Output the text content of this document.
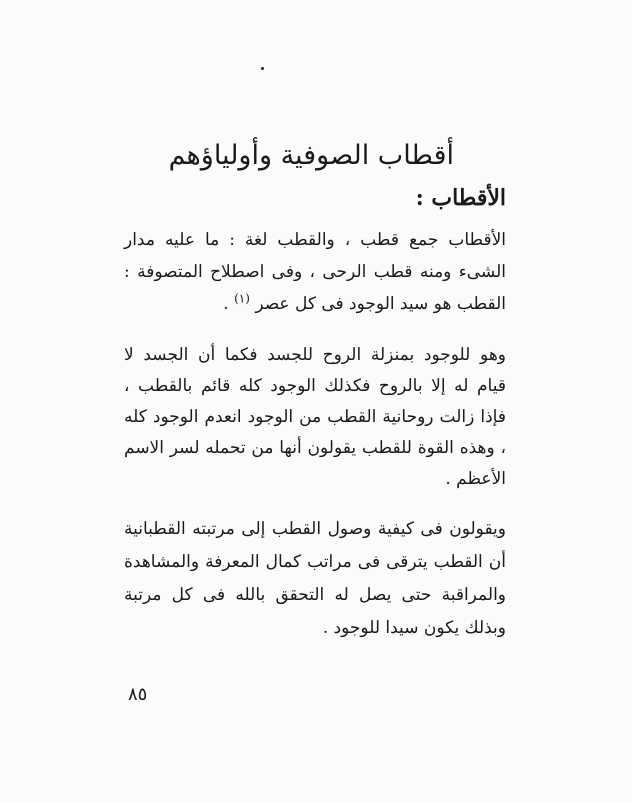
أقطاب الصوفية وأولياؤهم
الأقطاب :

الأقطاب جمع قطب ، والقطب لغة : ما عليه مدار الشىء ومنه قطب الرحى ، وفى اصطلاح المتصوفة : القطب هو سيد الوجود فى كل عصر $^{(١)}$ .

وهو للوجود بمنزلة الروح للجسد فكما أن الجسد لا قيام له إلا بالروح فكذلك الوجود كله قائم بالقطب ، فإذا زالت روحانية القطب من الوجود انعدم الوجود كله ، وهذه القوة للقطب يقولون أنها من تحمله لسر الاسم الأعظم .

ويقولون فى كيفية وصول القطب إلى مرتبته القطبانية أن القطب يترقى فى مراتب كمال المعرفة والمشاهدة والمراقبة حتى يصل له التحقق بالله فى كل مرتبة وبذلك يكون سيدا للوجود .

٨٥
